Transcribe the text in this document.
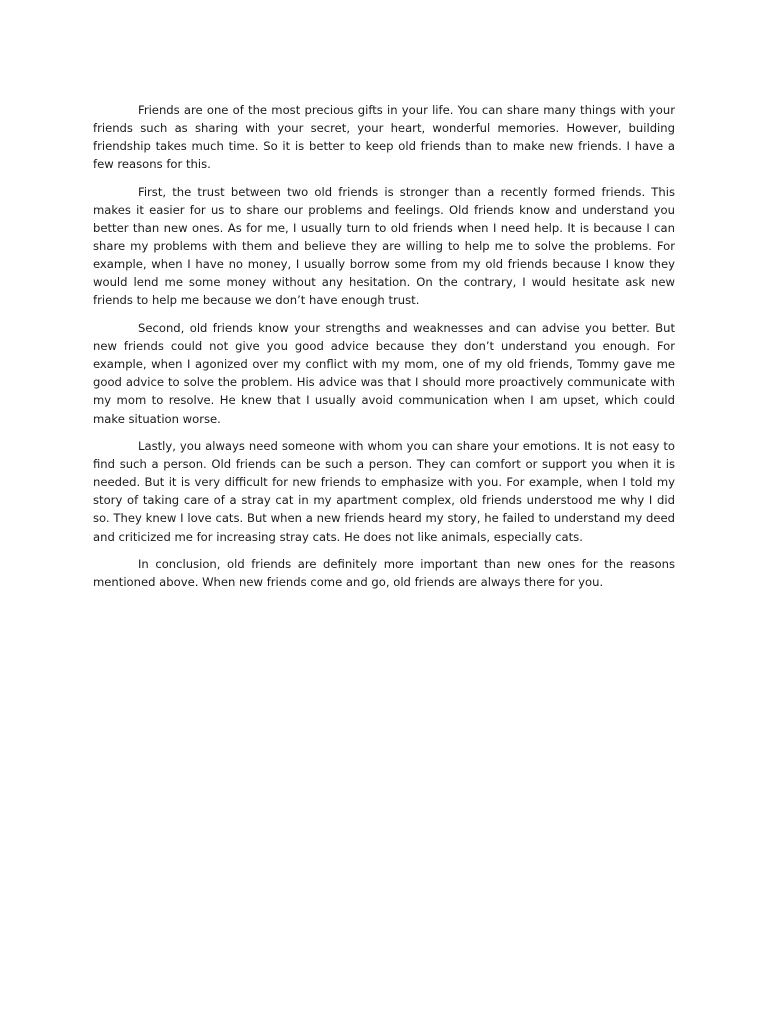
Friends are one of the most precious gifts in your life. You can share many things with your friends such as sharing with your secret, your heart, wonderful memories. However, building friendship takes much time. So it is better to keep old friends than to make new friends. I have a few reasons for this.

First, the trust between two old friends is stronger than a recently formed friends. This makes it easier for us to share our problems and feelings. Old friends know and understand you better than new ones. As for me, I usually turn to old friends when I need help. It is because I can share my problems with them and believe they are willing to help me to solve the problems. For example, when I have no money, I usually borrow some from my old friends because I know they would lend me some money without any hesitation. On the contrary, I would hesitate ask new friends to help me because we don’t have enough trust.

Second, old friends know your strengths and weaknesses and can advise you better. But new friends could not give you good advice because they don’t understand you enough. For example, when I agonized over my conflict with my mom, one of my old friends, Tommy gave me good advice to solve the problem. His advice was that I should more proactively communicate with my mom to resolve. He knew that I usually avoid communication when I am upset, which could make situation worse.

Lastly, you always need someone with whom you can share your emotions. It is not easy to find such a person. Old friends can be such a person. They can comfort or support you when it is needed. But it is very difficult for new friends to emphasize with you. For example, when I told my story of taking care of a stray cat in my apartment complex, old friends understood me why I did so. They knew I love cats. But when a new friends heard my story, he failed to understand my deed and criticized me for increasing stray cats. He does not like animals, especially cats.

In conclusion, old friends are definitely more important than new ones for the reasons mentioned above. When new friends come and go, old friends are always there for you.
